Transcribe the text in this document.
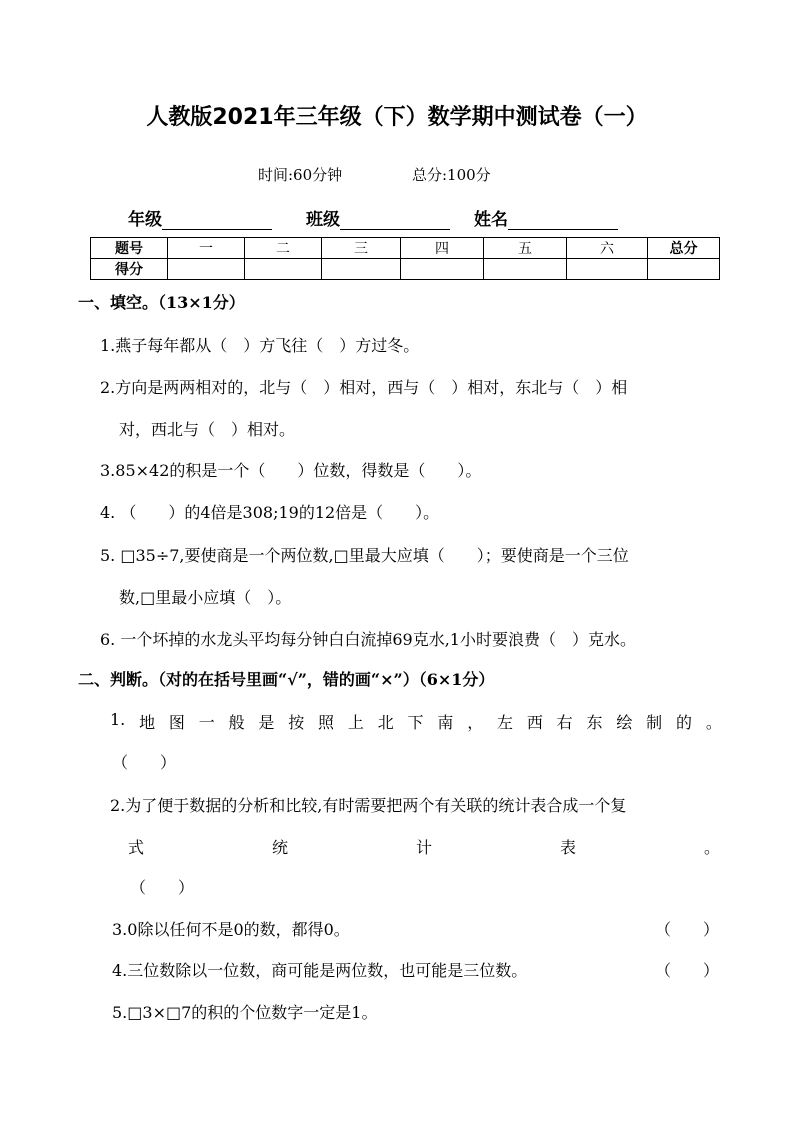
人教版2021年三年级（下）数学期中测试卷（一）
时间:60分钟	总分:100分
年级	班级	姓名
题号	一	二	三	四	五	六	总分
得分							
一、填空。（13×1分）
1.燕子每年都从（　）方飞往（　）方过冬。
2.方向是两两相对的，北与（　）相对，西与（　）相对，东北与（　）相
对，西北与（　）相对。
3.85×42的积是一个（　　）位数，得数是（　　）。
4. （　　）的4倍是308;19的12倍是（　　）。
5. □35÷7,要使商是一个两位数,□里最大应填（　　）；要使商是一个三位
数,□里最小应填（　）。
6. 一个坏掉的水龙头平均每分钟白白流掉69克水,1小时要浪费（　）克水。
二、判断。（对的在括号里画“√”，错的画“×”）（6×1分）
1. 地 图 一 般 是 按 照 上 北 下 南 ， 左 西 右 东 绘 制 的 。
（　　）
2.为了便于数据的分析和比较,有时需要把两个有关联的统计表合成一个复
式	统	计	表	。
（　　）
3.0除以任何不是0的数，都得0。	（　　）
4.三位数除以一位数，商可能是两位数，也可能是三位数。	（　　）
5.□3×□7的积的个位数字一定是1。
